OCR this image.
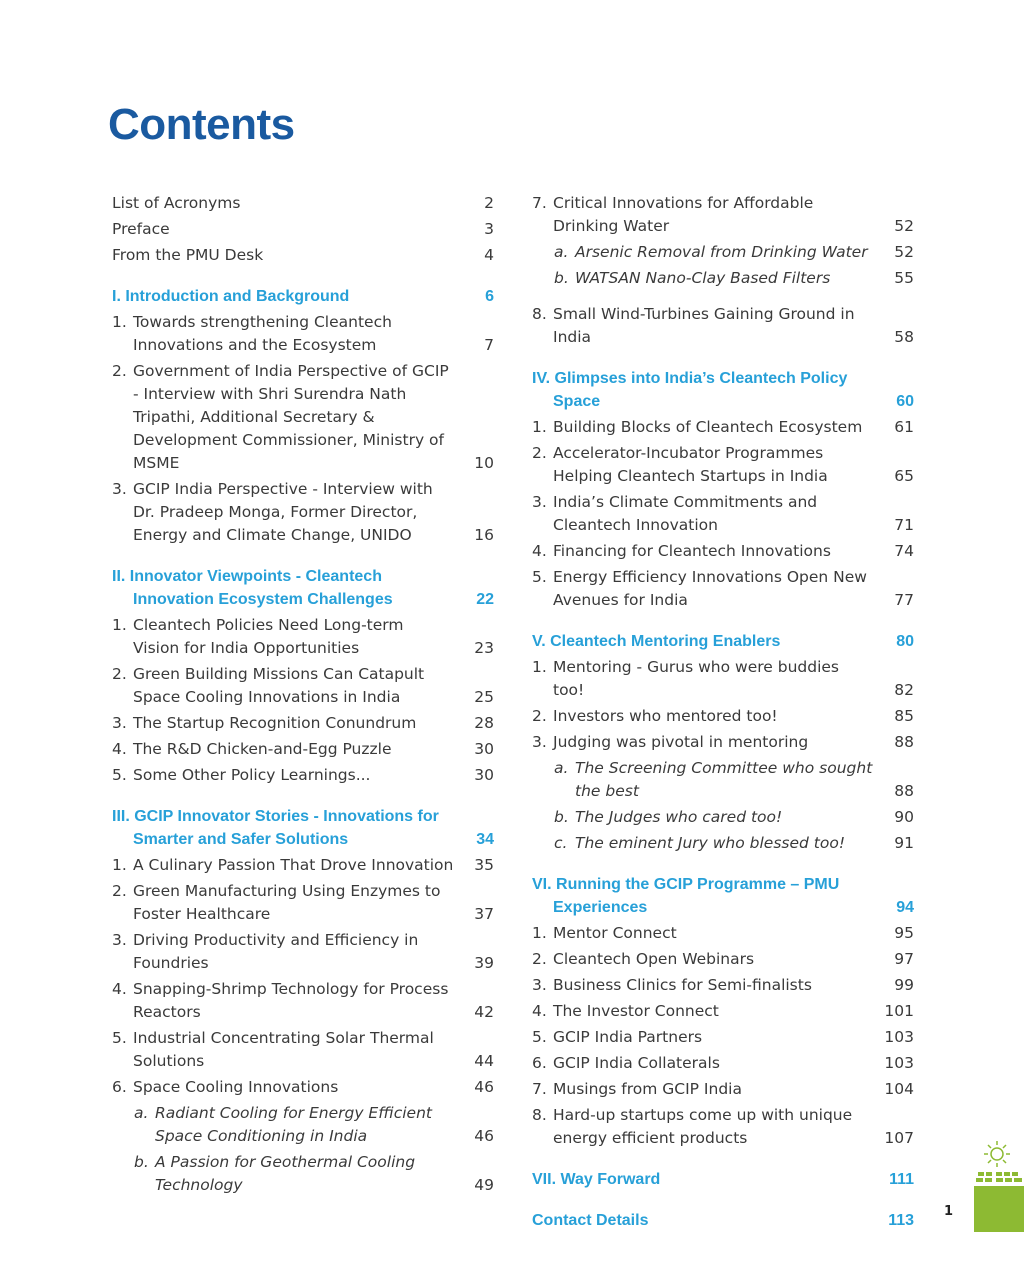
Contents
List of Acronyms	2
Preface	3
From the PMU Desk	4
I. Introduction and Background	6
1. Towards strengthening Cleantech Innovations and the Ecosystem	7
2. Government of India Perspective of GCIP - Interview with Shri Surendra Nath Tripathi, Additional Secretary & Development Commissioner, Ministry of MSME	10
3. GCIP India Perspective - Interview with Dr. Pradeep Monga, Former Director, Energy and Climate Change, UNIDO	16
II. Innovator Viewpoints - Cleantech Innovation Ecosystem Challenges	22
1. Cleantech Policies Need Long-term Vision for India Opportunities	23
2. Green Building Missions Can Catapult Space Cooling Innovations in India	25
3. The Startup Recognition Conundrum	28
4. The R&D Chicken-and-Egg Puzzle	30
5. Some Other Policy Learnings...	30
III. GCIP Innovator Stories - Innovations for Smarter and Safer Solutions	34
1. A Culinary Passion That Drove Innovation	35
2. Green Manufacturing Using Enzymes to Foster Healthcare	37
3. Driving Productivity and Efficiency in Foundries	39
4. Snapping-Shrimp Technology for Process Reactors	42
5. Industrial Concentrating Solar Thermal Solutions	44
6. Space Cooling Innovations	46
a. Radiant Cooling for Energy Efficient Space Conditioning in India	46
b. A Passion for Geothermal Cooling Technology	49
7. Critical Innovations for Affordable Drinking Water	52
a. Arsenic Removal from Drinking Water	52
b. WATSAN Nano-Clay Based Filters	55
8. Small Wind-Turbines Gaining Ground in India	58
IV. Glimpses into India’s Cleantech Policy Space	60
1. Building Blocks of Cleantech Ecosystem	61
2. Accelerator-Incubator Programmes Helping Cleantech Startups in India	65
3. India’s Climate Commitments and Cleantech Innovation	71
4. Financing for Cleantech Innovations	74
5. Energy Efficiency Innovations Open New Avenues for India	77
V. Cleantech Mentoring Enablers	80
1. Mentoring - Gurus who were buddies too!	82
2. Investors who mentored too!	85
3. Judging was pivotal in mentoring	88
a. The Screening Committee who sought the best	88
b. The Judges who cared too!	90
c. The eminent Jury who blessed too!	91
VI. Running the GCIP Programme – PMU Experiences	94
1. Mentor Connect	95
2. Cleantech Open Webinars	97
3. Business Clinics for Semi-finalists	99
4. The Investor Connect	101
5. GCIP India Partners	103
6. GCIP India Collaterals	103
7. Musings from GCIP India	104
8. Hard-up startups come up with unique energy efficient products	107
VII. Way Forward	111
Contact Details	113
1
